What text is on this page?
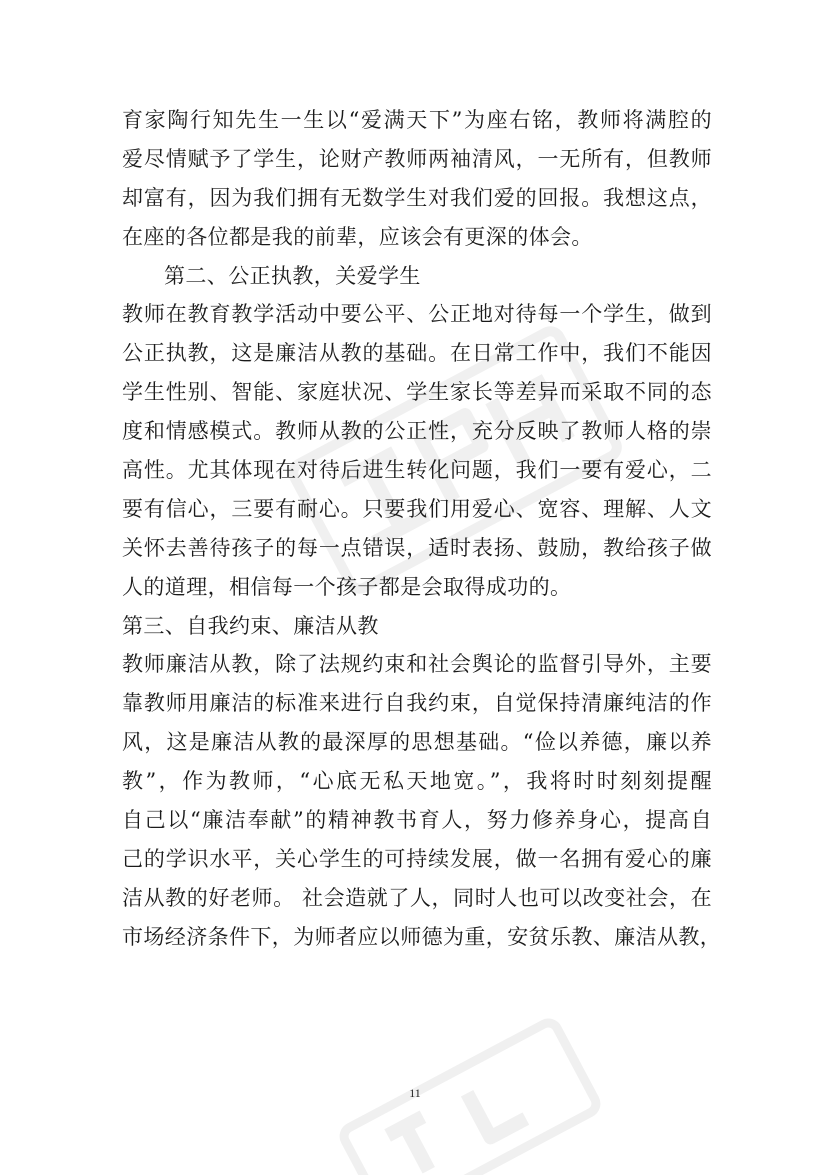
育家陶行知先生一生以“爱满天下”为座右铭，教师将满腔的
爱尽情赋予了学生，论财产教师两袖清风，一无所有，但教师
却富有，因为我们拥有无数学生对我们爱的回报。我想这点，
在座的各位都是我的前辈，应该会有更深的体会。
第二、公正执教，关爱学生
教师在教育教学活动中要公平、公正地对待每一个学生，做到
公正执教，这是廉洁从教的基础。在日常工作中，我们不能因
学生性别、智能、家庭状况、学生家长等差异而采取不同的态
度和情感模式。教师从教的公正性，充分反映了教师人格的崇
高性。尤其体现在对待后进生转化问题，我们一要有爱心，二
要有信心，三要有耐心。只要我们用爱心、宽容、理解、人文
关怀去善待孩子的每一点错误，适时表扬、鼓励，教给孩子做
人的道理，相信每一个孩子都是会取得成功的。
第三、自我约束、廉洁从教
教师廉洁从教，除了法规约束和社会舆论的监督引导外，主要
靠教师用廉洁的标准来进行自我约束，自觉保持清廉纯洁的作
风，这是廉洁从教的最深厚的思想基础。“俭以养德，廉以养
教”，作为教师，“心底无私天地宽。”，我将时时刻刻提醒
自己以“廉洁奉献”的精神教书育人，努力修养身心，提高自
己的学识水平，关心学生的可持续发展，做一名拥有爱心的廉
洁从教的好老师。 社会造就了人，同时人也可以改变社会，在
市场经济条件下，为师者应以师德为重，安贫乐教、廉洁从教，
11
